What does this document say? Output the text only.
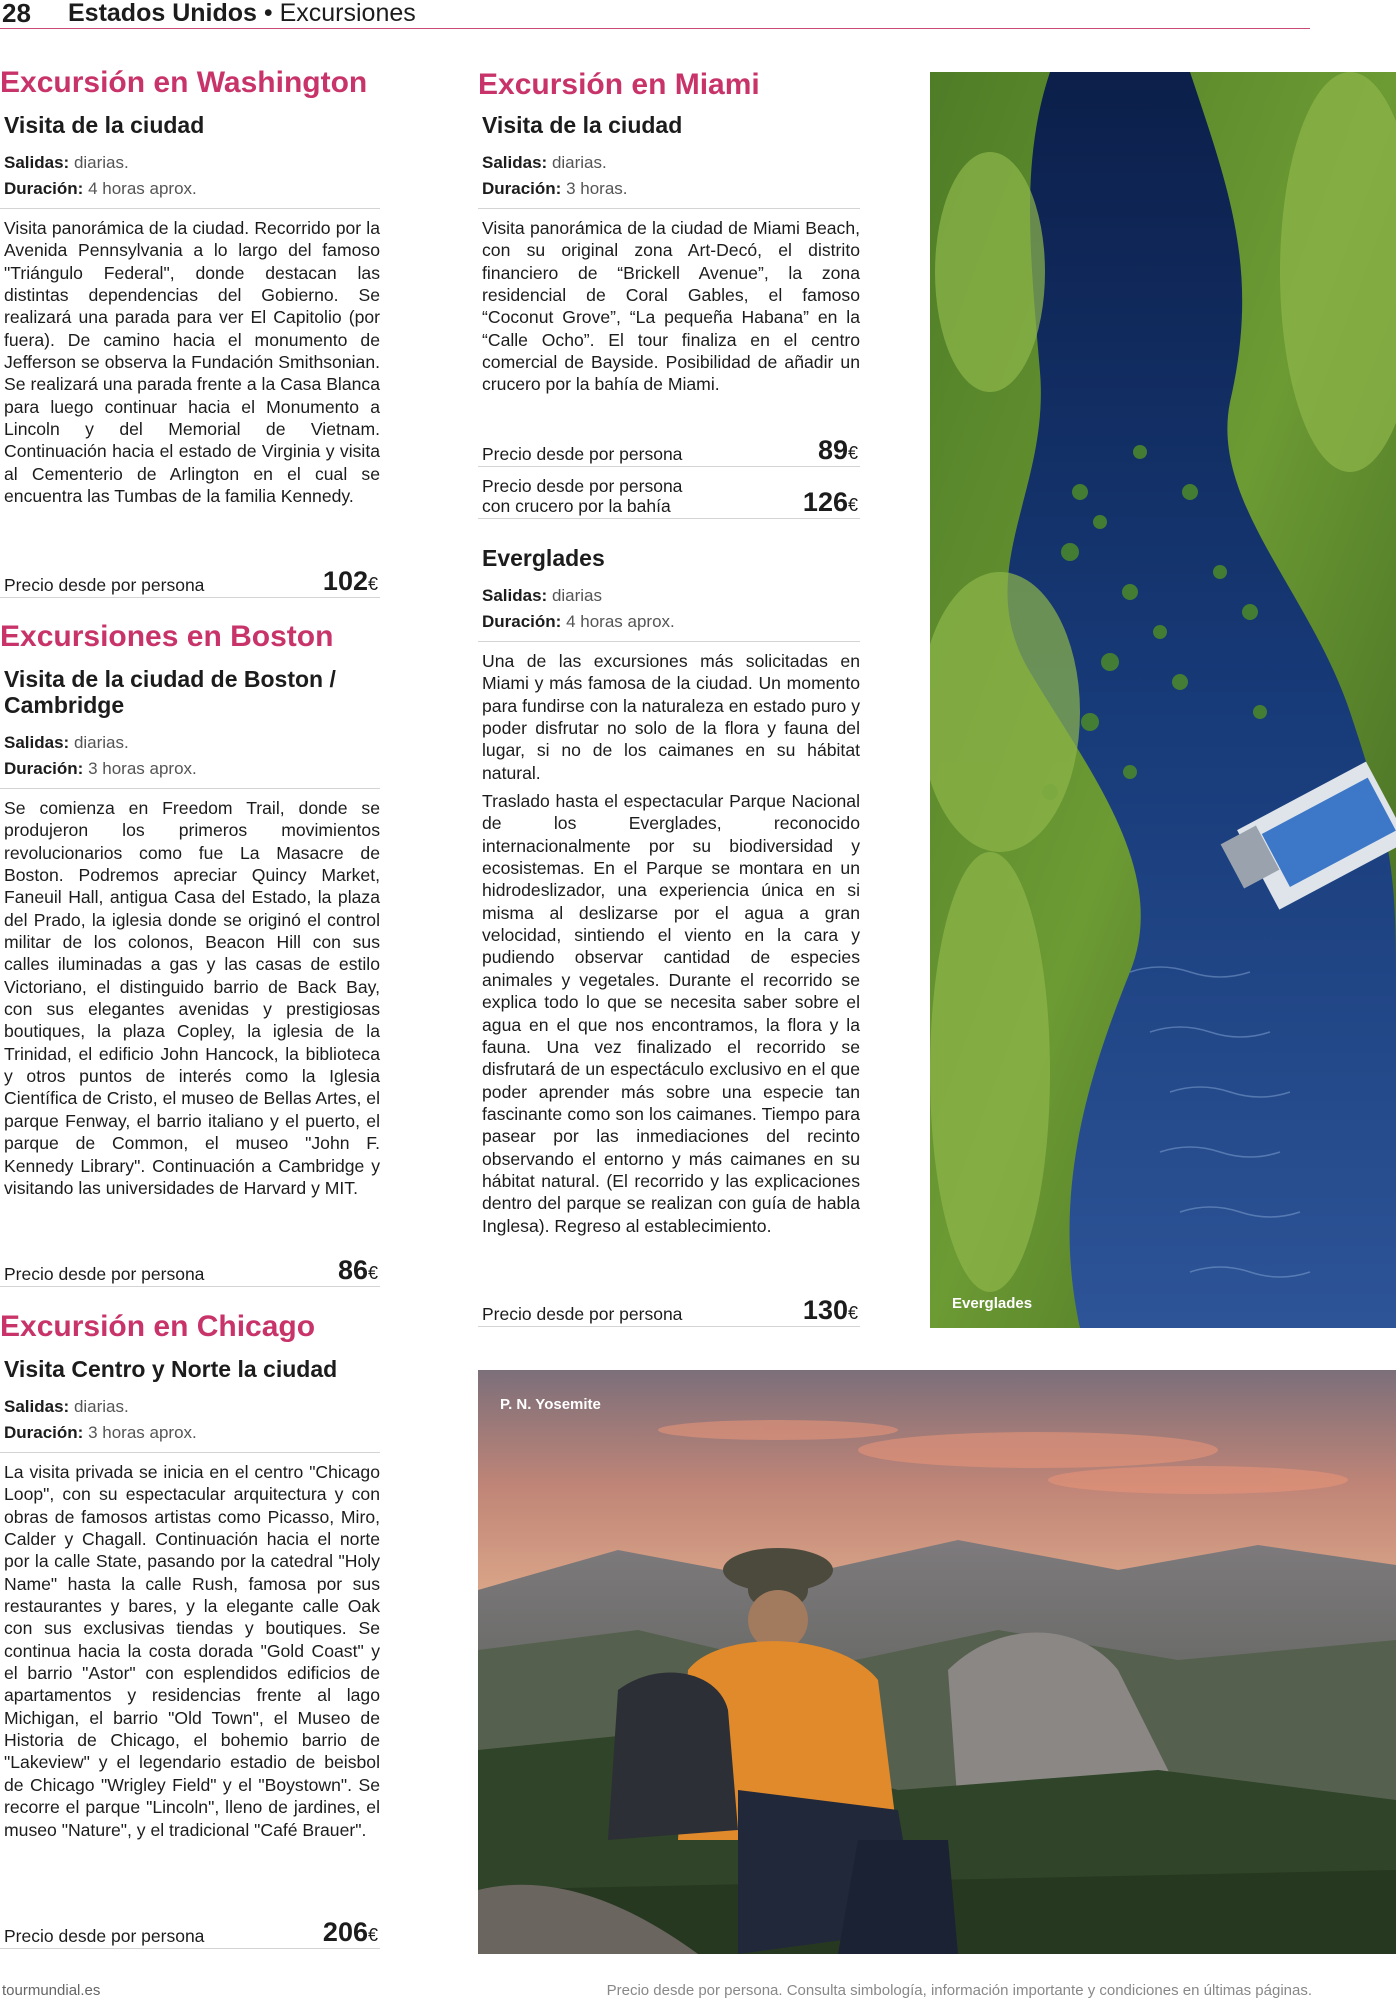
28 Estados Unidos • Excursiones
Excursión en Washington
Visita de la ciudad
Salidas: diarias.
Duración: 4 horas aprox.

Visita panorámica de la ciudad. Recorrido por la Avenida Pennsylvania a lo largo del famoso "Triángulo Federal", donde destacan las distintas dependencias del Gobierno. Se realizará una parada para ver El Capitolio (por fuera). De camino hacia el monumento de Jefferson se observa la Fundación Smithsonian. Se realizará una parada frente a la Casa Blanca para luego continuar hacia el Monumento a Lincoln y del Memorial de Vietnam. Continuación hacia el estado de Virginia y visita al Cementerio de Arlington en el cual se encuentra las Tumbas de la familia Kennedy.

Precio desde por persona	102€
Excursiones en Boston
Visita de la ciudad de Boston / Cambridge
Salidas: diarias.
Duración: 3 horas aprox.

Se comienza en Freedom Trail, donde se produjeron los primeros movimientos revolucionarios como fue La Masacre de Boston. Podremos apreciar Quincy Market, Faneuil Hall, antigua Casa del Estado, la plaza del Prado, la iglesia donde se originó el control militar de los colonos, Beacon Hill con sus calles iluminadas a gas y las casas de estilo Victoriano, el distinguido barrio de Back Bay, con sus elegantes avenidas y prestigiosas boutiques, la plaza Copley, la iglesia de la Trinidad, el edificio John Hancock, la biblioteca y otros puntos de interés como la Iglesia Científica de Cristo, el museo de Bellas Artes, el parque Fenway, el barrio italiano y el puerto, el parque de Common, el museo "John F. Kennedy Library". Continuación a Cambridge y visitando las universidades de Harvard y MIT.

Precio desde por persona	86€
Excursión en Chicago
Visita Centro y Norte la ciudad
Salidas: diarias.
Duración: 3 horas aprox.

La visita privada se inicia en el centro "Chicago Loop", con su espectacular arquitectura y con obras de famosos artistas como Picasso, Miro, Calder y Chagall. Continuación hacia el norte por la calle State, pasando por la catedral "Holy Name" hasta la calle Rush, famosa por sus restaurantes y bares, y la elegante calle Oak con sus exclusivas tiendas y boutiques. Se continua hacia la costa dorada "Gold Coast" y el barrio "Astor" con esplendidos edificios de apartamentos y residencias frente al lago Michigan, el barrio "Old Town", el Museo de Historia de Chicago, el bohemio barrio de "Lakeview" y el legendario estadio de beisbol de Chicago "Wrigley Field" y el "Boystown". Se recorre el parque "Lincoln", lleno de jardines, el museo "Nature", y el tradicional "Café Brauer".

Precio desde por persona	206€
Excursión en Miami
Visita de la ciudad
Salidas: diarias.
Duración: 3 horas.

Visita panorámica de la ciudad de Miami Beach, con su original zona Art-Decó, el distrito financiero de “Brickell Avenue”, la zona residencial de Coral Gables, el famoso “Coconut Grove”, “La pequeña Habana” en la “Calle Ocho”. El tour finaliza en el centro comercial de Bayside. Posibilidad de añadir un crucero por la bahía de Miami.

Precio desde por persona	89€
Precio desde por persona
con crucero por la bahía	126€
Everglades
Salidas: diarias
Duración: 4 horas aprox.

Una de las excursiones más solicitadas en Miami y más famosa de la ciudad. Un momento para fundirse con la naturaleza en estado puro y poder disfrutar no solo de la flora y fauna del lugar, si no de los caimanes en su hábitat natural.

Traslado hasta el espectacular Parque Nacional de los Everglades, reconocido internacionalmente por su biodiversidad y ecosistemas. En el Parque se montara en un hidrodeslizador, una experiencia única en si misma al deslizarse por el agua a gran velocidad, sintiendo el viento en la cara y pudiendo observar cantidad de especies animales y vegetales. Durante el recorrido se explica todo lo que se necesita saber sobre el agua en el que nos encontramos, la flora y la fauna. Una vez finalizado el recorrido se disfrutará de un espectáculo exclusivo en el que poder aprender más sobre una especie tan fascinante como son los caimanes. Tiempo para pasear por las inmediaciones del recinto observando el entorno y más caimanes en su hábitat natural. (El recorrido y las explicaciones dentro del parque se realizan con guía de habla Inglesa). Regreso al establecimiento.

Precio desde por persona	130€	Everglades
P. N. Yosemite
tourmundial.es	Precio desde por persona. Consulta simbología, información importante y condiciones en últimas páginas.
